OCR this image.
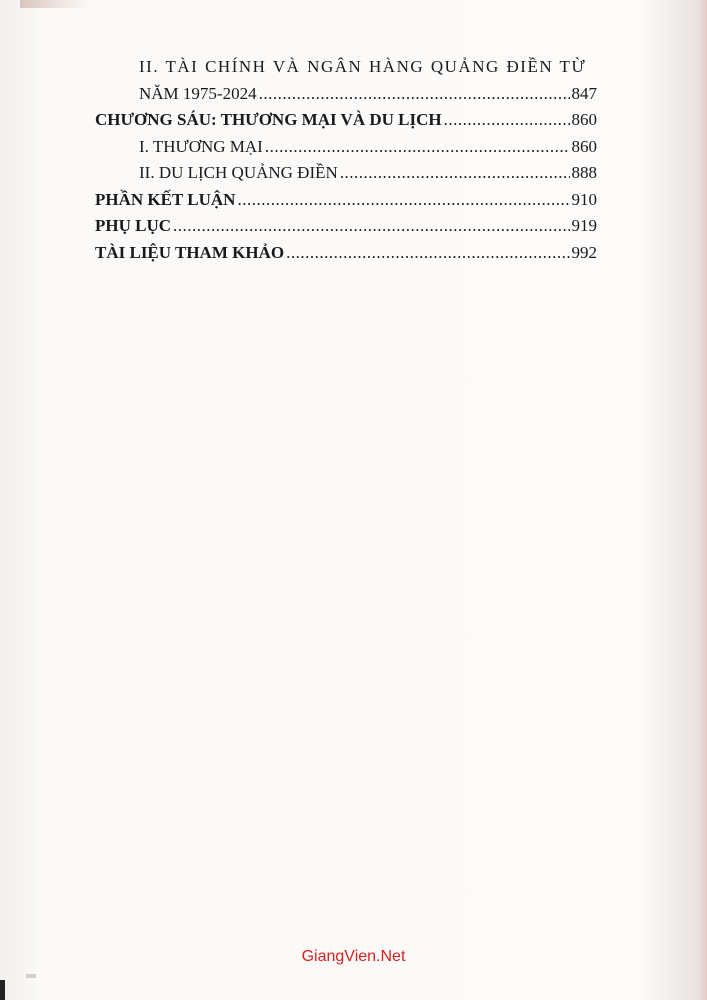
II. TÀI CHÍNH VÀ NGÂN HÀNG QUẢNG ĐIỀN TỪ
NĂM 1975-2024 .....	847
CHƯƠNG SÁU: THƯƠNG MẠI VÀ DU LỊCH .....	860
I. THƯƠNG MẠI .....	860
II. DU LỊCH QUẢNG ĐIỀN .....	888
PHẦN KẾT LUẬN .....	910
PHỤ LỤC .....	919
TÀI LIỆU THAM KHẢO .....	992
GiangVien.Net
